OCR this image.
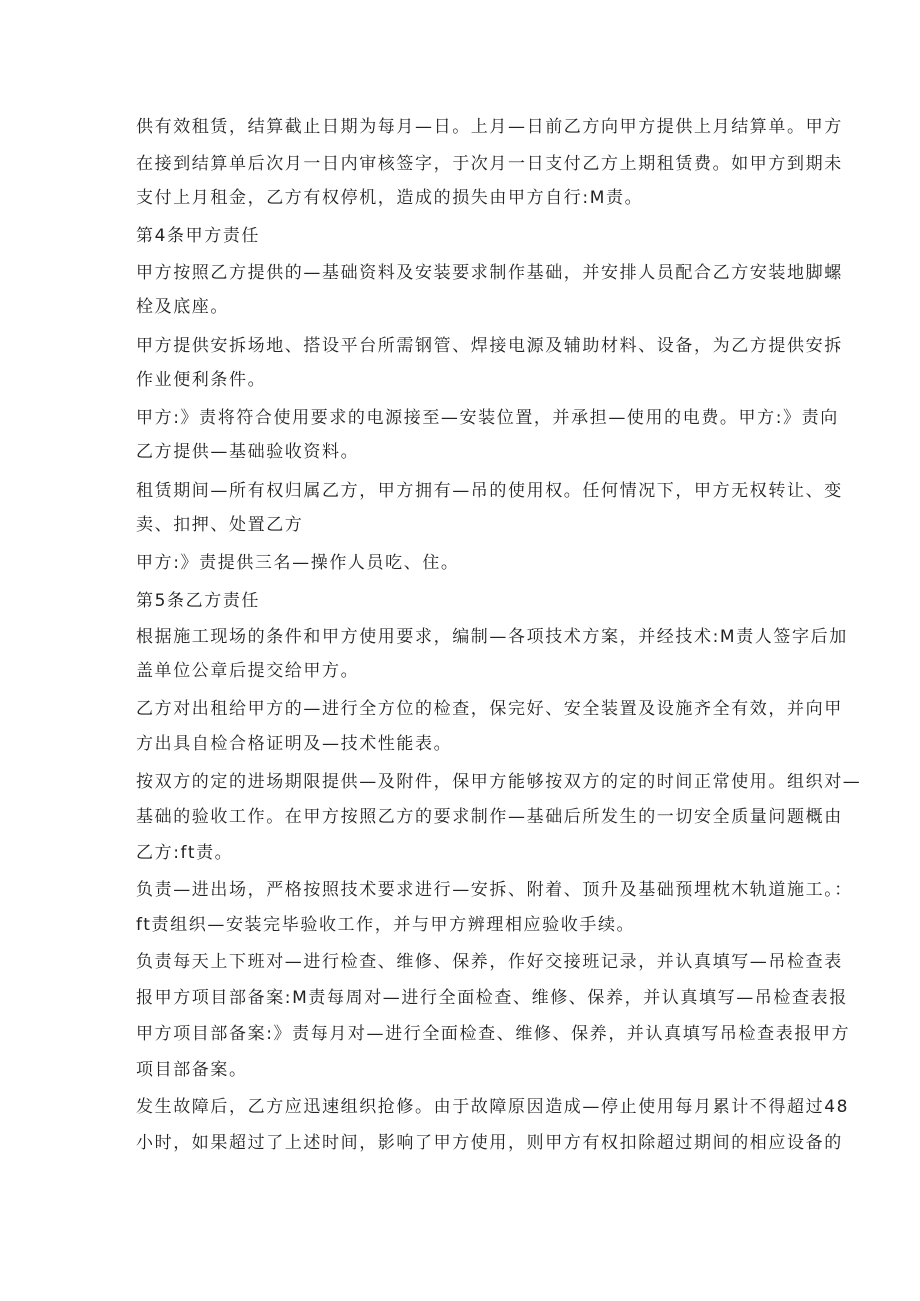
供有效租赁，结算截止日期为每月—日。上月—日前乙方向甲方提供上月结算单。甲方
在接到结算单后次月一日内审核签字，于次月一日支付乙方上期租赁费。如甲方到期未
支付上月租金，乙方有权停机，造成的损失由甲方自行:M责。
第4条甲方责任
甲方按照乙方提供的—基础资料及安装要求制作基础，并安排人员配合乙方安装地脚螺
栓及底座。
甲方提供安拆场地、搭设平台所需钢管、焊接电源及辅助材料、设备，为乙方提供安拆
作业便利条件。
甲方:》责将符合使用要求的电源接至—安装位置，并承担—使用的电费。甲方:》责向
乙方提供—基础验收资料。
租赁期间—所有权归属乙方，甲方拥有—吊的使用权。任何情况下，甲方无权转让、变
卖、扣押、处置乙方
甲方:》责提供三名—操作人员吃、住。
第5条乙方责任
根据施工现场的条件和甲方使用要求，编制—各项技术方案，并经技术:M责人签字后加
盖单位公章后提交给甲方。
乙方对出租给甲方的—进行全方位的检查，保完好、安全装置及设施齐全有效，并向甲
方出具自检合格证明及—技术性能表。
按双方的定的进场期限提供—及附件，保甲方能够按双方的定的时间正常使用。组织对—
基础的验收工作。在甲方按照乙方的要求制作—基础后所发生的一切安全质量问题概由
乙方:ft责。
负责—进出场，严格按照技术要求进行—安拆、附着、顶升及基础预埋枕木轨道施工。：
ft责组织—安装完毕验收工作，并与甲方辨理相应验收手续。
负责每天上下班对—进行检查、维修、保养，作好交接班记录，并认真填写—吊检查表
报甲方项目部备案:M责每周对—进行全面检查、维修、保养，并认真填写—吊检查表报
甲方项目部备案:》责每月对—进行全面检查、维修、保养，并认真填写吊检查表报甲方
项目部备案。
发生故障后，乙方应迅速组织抢修。由于故障原因造成—停止使用每月累计不得超过48
小时，如果超过了上述时间，影响了甲方使用，则甲方有权扣除超过期间的相应设备的
